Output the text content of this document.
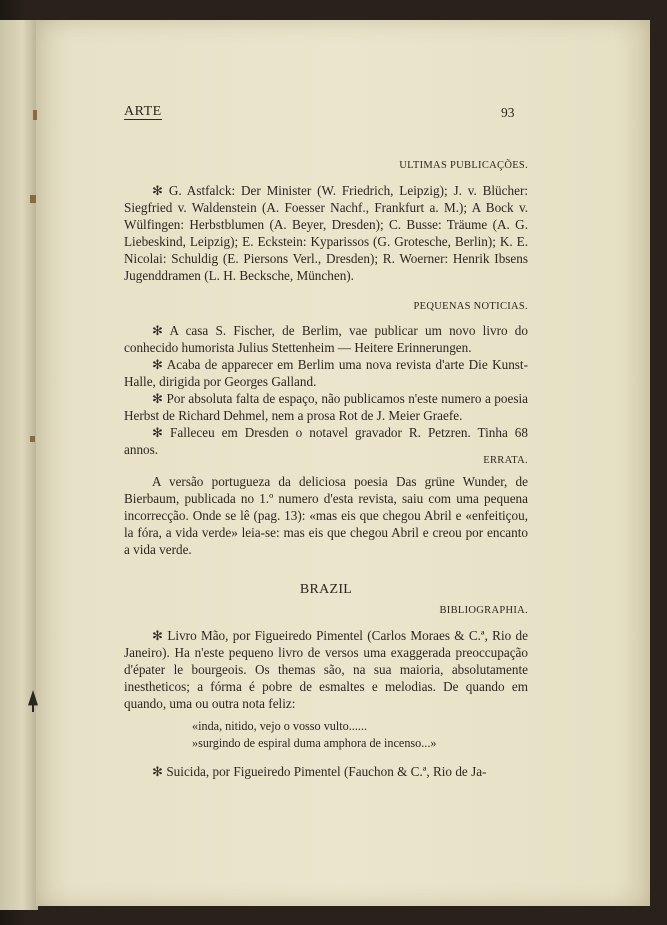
ARTE	93
ULTIMAS PUBLICAÇÕES.

✻ G. Astfalck: Der Minister (W. Friedrich, Leipzig); J. v. Blücher: Siegfried v. Waldenstein (A. Foesser Nachf., Frankfurt a. M.); A Bock v. Wülfingen: Herbstblumen (A. Beyer, Dresden); C. Busse: Träume (A. G. Liebeskind, Leipzig); E. Eckstein: Kyparissos (G. Grotesche, Berlin); K. E. Nicolai: Schuldig (E. Piersons Verl., Dresden); R. Woerner: Henrik Ibsens Jugenddramen (L. H. Becksche, München).

PEQUENAS NOTICIAS.

✻ A casa S. Fischer, de Berlim, vae publicar um novo livro do conhecido humorista Julius Stettenheim — Heitere Erinnerungen.

✻ Acaba de apparecer em Berlim uma nova revista d'arte Die Kunst-Halle, dirigida por Georges Galland.

✻ Por absoluta falta de espaço, não publicamos n'este numero a poesia Herbst de Richard Dehmel, nem a prosa Rot de J. Meier Graefe.

✻ Falleceu em Dresden o notavel gravador R. Petzren. Tinha 68 annos.

ERRATA.

A versão portugueza da deliciosa poesia Das grüne Wunder, de Bierbaum, publicada no 1.º numero d'esta revista, saiu com uma pequena incorrecção. Onde se lê (pag. 13): «mas eis que chegou Abril e «enfeitiçou, la fóra, a vida verde» leia-se: mas eis que chegou Abril e creou por encanto a vida verde.

BRAZIL
BIBLIOGRAPHIA.

✻ Livro Mão, por Figueiredo Pimentel (Carlos Moraes & C.ª, Rio de Janeiro). Ha n'este pequeno livro de versos uma exaggerada preoccupação d'épater le bourgeois. Os themas são, na sua maioria, absolutamente inestheticos; a fórma é pobre de esmaltes e melodias. De quando em quando, uma ou outra nota feliz:

«inda, nitido, vejo o vosso vulto......
»surgindo de espiral duma amphora de incenso...»

✻ Suicida, por Figueiredo Pimentel (Fauchon & C.ª, Rio de Ja-
